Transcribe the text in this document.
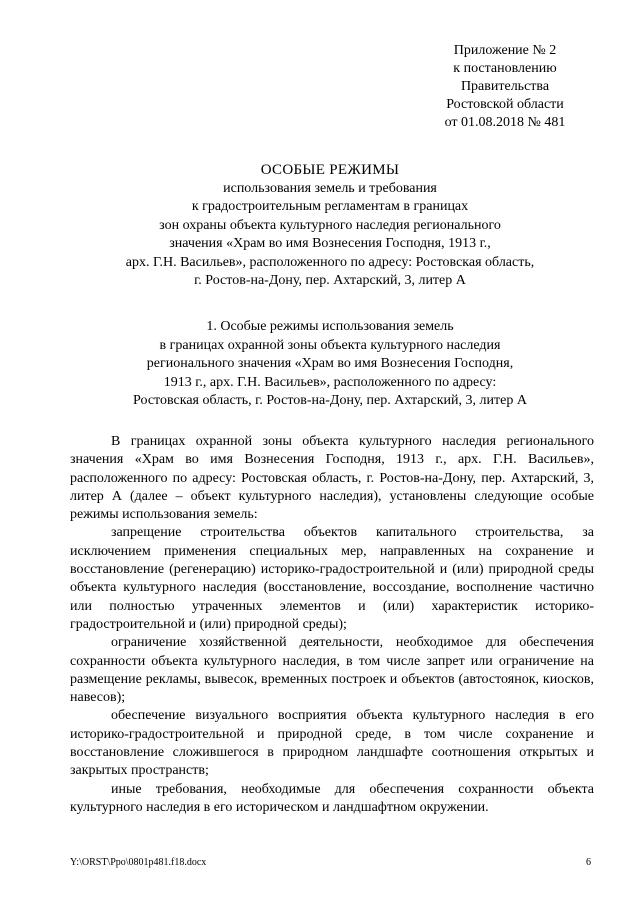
Приложение № 2
к постановлению
Правительства
Ростовской области
от 01.08.2018 № 481
ОСОБЫЕ РЕЖИМЫ
использования земель и требования
к градостроительным регламентам в границах
зон охраны объекта культурного наследия регионального
значения «Храм во имя Вознесения Господня, 1913 г.,
арх. Г.Н. Васильев», расположенного по адресу: Ростовская область,
г. Ростов-на-Дону, пер. Ахтарский, 3, литер А
1. Особые режимы использования земель
в границах охранной зоны объекта культурного наследия
регионального значения «Храм во имя Вознесения Господня,
1913 г., арх. Г.Н. Васильев», расположенного по адресу:
Ростовская область, г. Ростов-на-Дону, пер. Ахтарский, 3, литер А

В границах охранной зоны объекта культурного наследия регионального значения «Храм во имя Вознесения Господня, 1913 г., арх. Г.Н. Васильев», расположенного по адресу: Ростовская область, г. Ростов-на-Дону, пер. Ахтарский, 3, литер А (далее – объект культурного наследия), установлены следующие особые режимы использования земель:

запрещение строительства объектов капитального строительства, за исключением применения специальных мер, направленных на сохранение и восстановление (регенерацию) историко-градостроительной и (или) природной среды объекта культурного наследия (восстановление, воссоздание, восполнение частично или полностью утраченных элементов и (или) характеристик историко-градостроительной и (или) природной среды);

ограничение хозяйственной деятельности, необходимое для обеспечения сохранности объекта культурного наследия, в том числе запрет или ограничение на размещение рекламы, вывесок, временных построек и объектов (автостоянок, киосков, навесов);

обеспечение визуального восприятия объекта культурного наследия в его историко-градостроительной и природной среде, в том числе сохранение и восстановление сложившегося в природном ландшафте соотношения открытых и закрытых пространств;

иные требования, необходимые для обеспечения сохранности объекта культурного наследия в его историческом и ландшафтном окружении.

Y:\ORST\Ppo\0801p481.f18.docx	6
